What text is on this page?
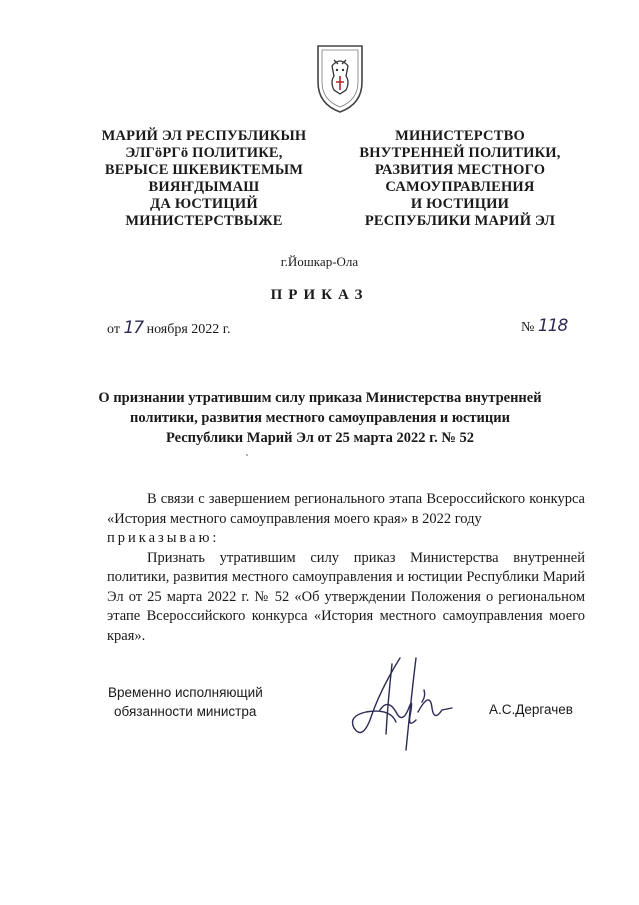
МАРИЙ ЭЛ РЕСПУБЛИКЫН
ЭЛГӧРГӧ ПОЛИТИКЕ,
ВЕРЫСЕ ШКЕВИКТЕМЫМ
ВИЯҤДЫМАШ
ДА ЮСТИЦИЙ
МИНИСТЕРСТВЫЖЕ
МИНИСТЕРСТВО
ВНУТРЕННЕЙ ПОЛИТИКИ,
РАЗВИТИЯ МЕСТНОГО
САМОУПРАВЛЕНИЯ
И ЮСТИЦИИ
РЕСПУБЛИКИ МАРИЙ ЭЛ
г.Йошкар-Ола
ПРИКАЗ
от 17 ноября 2022 г.	№ 118
О признании утратившим силу приказа Министерства внутренней
политики, развития местного самоуправления и юстиции
Республики Марий Эл от 25 марта 2022 г. № 52

В связи с завершением регионального этапа Всероссийского конкурса «История местного самоуправления моего края» в 2022 году

приказываю:

Признать утратившим силу приказ Министерства внутренней политики, развития местного самоуправления и юстиции Республики Марий Эл от 25 марта 2022 г. № 52 «Об утверждении Положения о региональном этапе Всероссийского конкурса «История местного самоуправления моего края».

Временно исполняющий
обязанности министра	А.С.Дергачев
